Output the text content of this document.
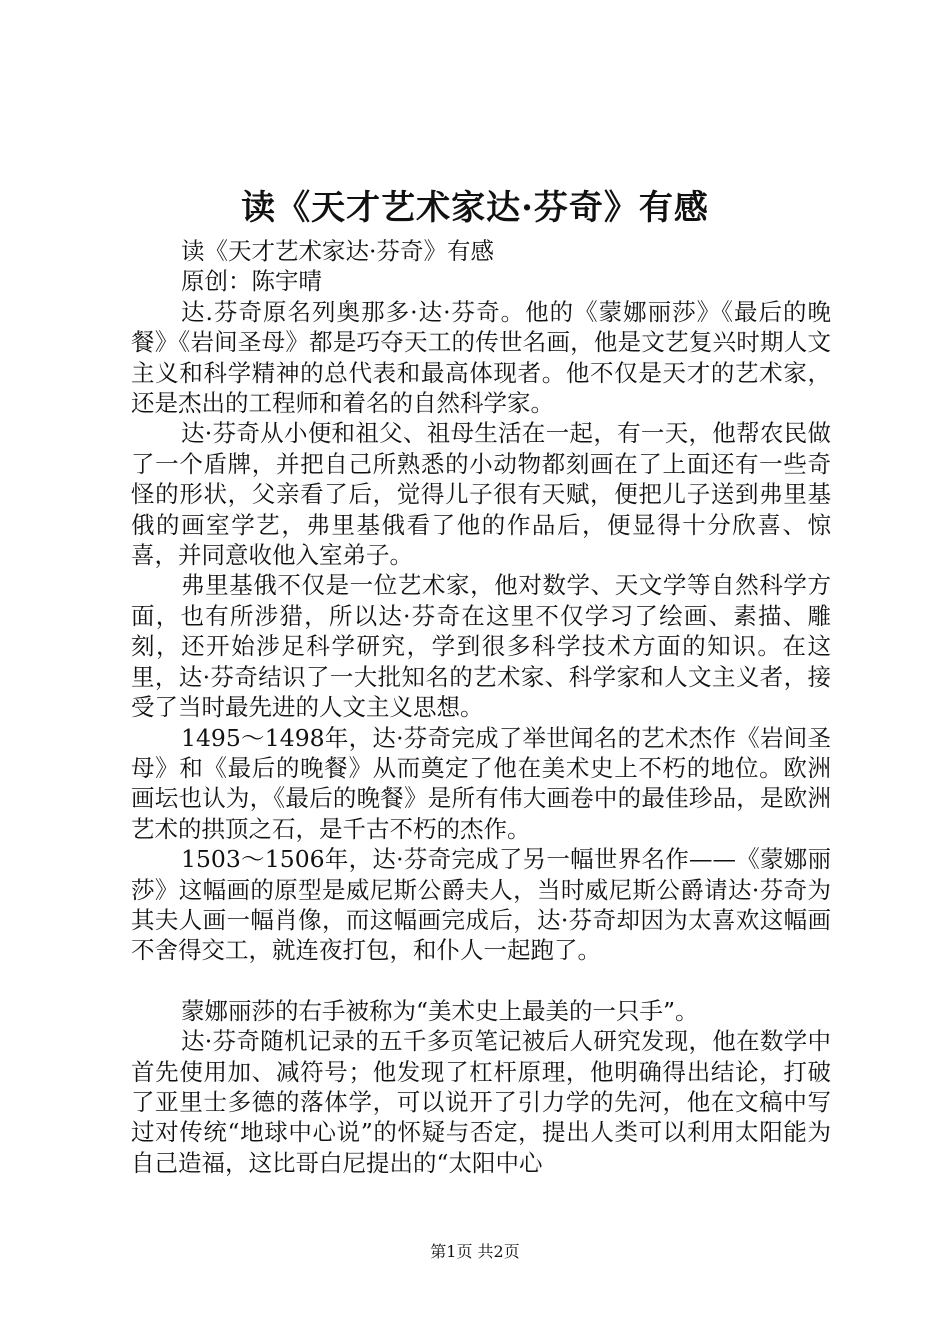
读《天才艺术家达·芬奇》有感

读《天才艺术家达·芬奇》有感

原创：陈宇晴

达.芬奇原名列奥那多·达·芬奇。他的《蒙娜丽莎》《最后的晚餐》《岩间圣母》都是巧夺天工的传世名画，他是文艺复兴时期人文主义和科学精神的总代表和最高体现者。他不仅是天才的艺术家，还是杰出的工程师和着名的自然科学家。

达·芬奇从小便和祖父、祖母生活在一起，有一天，他帮农民做了一个盾牌，并把自己所熟悉的小动物都刻画在了上面还有一些奇怪的形状，父亲看了后，觉得儿子很有天赋，便把儿子送到弗里基俄的画室学艺，弗里基俄看了他的作品后，便显得十分欣喜、惊喜，并同意收他入室弟子。

弗里基俄不仅是一位艺术家，他对数学、天文学等自然科学方面，也有所涉猎，所以达·芬奇在这里不仅学习了绘画、素描、雕刻，还开始涉足科学研究，学到很多科学技术方面的知识。在这里，达·芬奇结识了一大批知名的艺术家、科学家和人文主义者，接受了当时最先进的人文主义思想。

1495～1498年，达·芬奇完成了举世闻名的艺术杰作《岩间圣母》和《最后的晚餐》从而奠定了他在美术史上不朽的地位。欧洲画坛也认为，《最后的晚餐》是所有伟大画卷中的最佳珍品，是欧洲艺术的拱顶之石，是千古不朽的杰作。

1503～1506年，达·芬奇完成了另一幅世界名作——《蒙娜丽莎》这幅画的原型是威尼斯公爵夫人，当时威尼斯公爵请达·芬奇为其夫人画一幅肖像，而这幅画完成后，达·芬奇却因为太喜欢这幅画不舍得交工，就连夜打包，和仆人一起跑了。

蒙娜丽莎的右手被称为“美术史上最美的一只手”。

达·芬奇随机记录的五千多页笔记被后人研究发现，他在数学中首先使用加、减符号；他发现了杠杆原理，他明确得出结论，打破了亚里士多德的落体学，可以说开了引力学的先河，他在文稿中写过对传统“地球中心说”的怀疑与否定，提出人类可以利用太阳能为自己造福，这比哥白尼提出的“太阳中心

第1页 共2页
